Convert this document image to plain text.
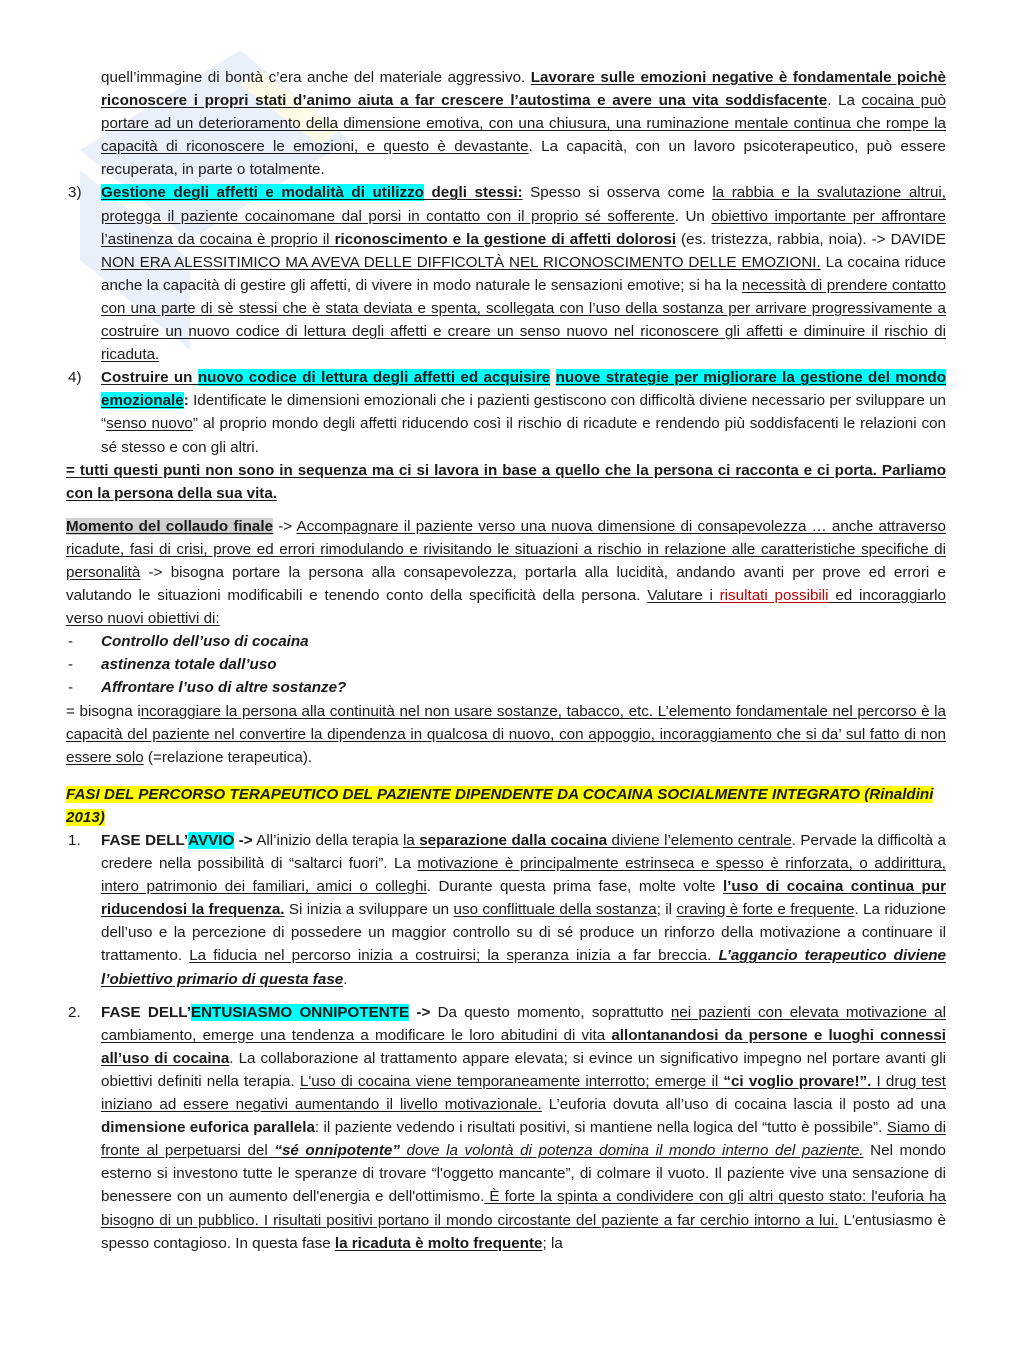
quell’immagine di bontà c’era anche del materiale aggressivo. Lavorare sulle emozioni negative è fondamentale poichè riconoscere i propri stati d’animo aiuta a far crescere l’autostima e avere una vita soddisfacente. La cocaina può portare ad un deterioramento della dimensione emotiva, con una chiusura, una ruminazione mentale continua che rompe la capacità di riconoscere le emozioni, e questo è devastante. La capacità, con un lavoro psicoterapeutico, può essere recuperata, in parte o totalmente.
3) Gestione degli affetti e modalità di utilizzo degli stessi: Spesso si osserva come la rabbia e la svalutazione altrui, protegga il paziente cocainomane dal porsi in contatto con il proprio sé sofferente. Un obiettivo importante per affrontare l’astinenza da cocaina è proprio il riconoscimento e la gestione di affetti dolorosi (es. tristezza, rabbia, noia). -> DAVIDE NON ERA ALESSITIMICO MA AVEVA DELLE DIFFICOLTÀ NEL RICONOSCIMENTO DELLE EMOZIONI. La cocaina riduce anche la capacità di gestire gli affetti, di vivere in modo naturale le sensazioni emotive; si ha la necessità di prendere contatto con una parte di sè stessi che è stata deviata e spenta, scollegata con l’uso della sostanza per arrivare progressivamente a costruire un nuovo codice di lettura degli affetti e creare un senso nuovo nel riconoscere gli affetti e diminuire il rischio di ricaduta.
4) Costruire un nuovo codice di lettura degli affetti ed acquisire nuove strategie per migliorare la gestione del mondo emozionale: Identificate le dimensioni emozionali che i pazienti gestiscono con difficoltà diviene necessario per sviluppare un “senso nuovo” al proprio mondo degli affetti riducendo così il rischio di ricadute e rendendo più soddisfacenti le relazioni con sé stesso e con gli altri.

= tutti questi punti non sono in sequenza ma ci si lavora in base a quello che la persona ci racconta e ci porta. Parliamo con la persona della sua vita.

Momento del collaudo finale -> Accompagnare il paziente verso una nuova dimensione di consapevolezza … anche attraverso ricadute, fasi di crisi, prove ed errori rimodulando e rivisitando le situazioni a rischio in relazione alle caratteristiche specifiche di personalità -> bisogna portare la persona alla consapevolezza, portarla alla lucidità, andando avanti per prove ed errori e valutando le situazioni modificabili e tenendo conto della specificità della persona. Valutare i risultati possibili ed incoraggiarlo verso nuovi obiettivi di:

- Controllo dell’uso di cocaina
- astinenza totale dall’uso
- Affrontare l’uso di altre sostanze?

= bisogna incoraggiare la persona alla continuità nel non usare sostanze, tabacco, etc. L’elemento fondamentale nel percorso è la capacità del paziente nel convertire la dipendenza in qualcosa di nuovo, con appoggio, incoraggiamento che si da’ sul fatto di non essere solo (=relazione terapeutica).

FASI DEL PERCORSO TERAPEUTICO DEL PAZIENTE DIPENDENTE DA COCAINA SOCIALMENTE INTEGRATO (Rinaldini 2013)

1. FASE DELL’AVVIO -> All’inizio della terapia la separazione dalla cocaina diviene l’elemento centrale. Pervade la difficoltà a credere nella possibilità di “saltarci fuori”. La motivazione è principalmente estrinseca e spesso è rinforzata, o addirittura, intero patrimonio dei familiari, amici o colleghi. Durante questa prima fase, molte volte l’uso di cocaina continua pur riducendosi la frequenza. Si inizia a sviluppare un uso conflittuale della sostanza; il craving è forte e frequente. La riduzione dell’uso e la percezione di possedere un maggior controllo su di sé produce un rinforzo della motivazione a continuare il trattamento. La fiducia nel percorso inizia a costruirsi; la speranza inizia a far breccia. L’aggancio terapeutico diviene l’obiettivo primario di questa fase.
2. FASE DELL’ENTUSIASMO ONNIPOTENTE -> Da questo momento, soprattutto nei pazienti con elevata motivazione al cambiamento, emerge una tendenza a modificare le loro abitudini di vita allontanandosi da persone e luoghi connessi all’uso di cocaina. La collaborazione al trattamento appare elevata; si evince un significativo impegno nel portare avanti gli obiettivi definiti nella terapia. L'uso di cocaina viene temporaneamente interrotto; emerge il “ci voglio provare!”. I drug test iniziano ad essere negativi aumentando il livello motivazionale. L’euforia dovuta all’uso di cocaina lascia il posto ad una dimensione euforica parallela: il paziente vedendo i risultati positivi, si mantiene nella logica del “tutto è possibile”. Siamo di fronte al perpetuarsi del “sé onnipotente” dove la volontà di potenza domina il mondo interno del paziente. Nel mondo esterno si investono tutte le speranze di trovare “l'oggetto mancante”, di colmare il vuoto. Il paziente vive una sensazione di benessere con un aumento dell'energia e dell'ottimismo. È forte la spinta a condividere con gli altri questo stato: l'euforia ha bisogno di un pubblico. I risultati positivi portano il mondo circostante del paziente a far cerchio intorno a lui. L'entusiasmo è spesso contagioso. In questa fase la ricaduta è molto frequente; la
